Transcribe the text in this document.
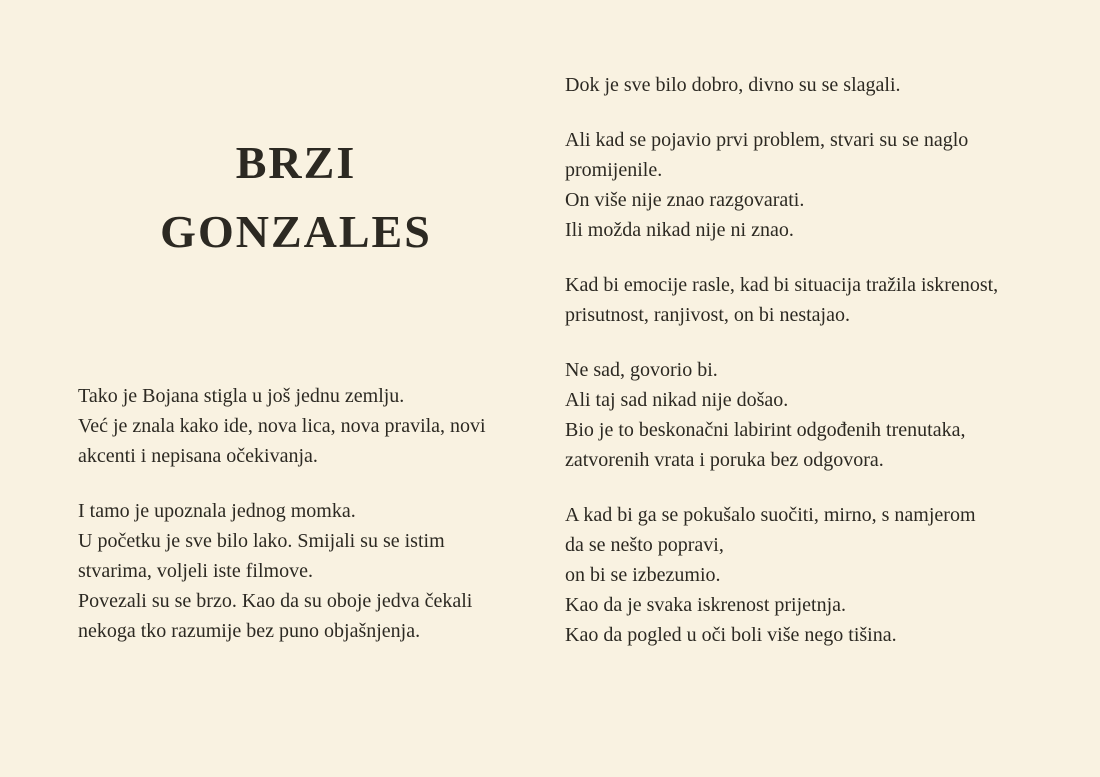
BRZI
GONZALES
Tako je Bojana stigla u još jednu zemlju.
Već je znala kako ide, nova lica, nova pravila, novi
akcenti i nepisana očekivanja.
I tamo je upoznala jednog momka.
U početku je sve bilo lako. Smijali su se istim
stvarima, voljeli iste filmove.
Povezali su se brzo. Kao da su oboje jedva čekali
nekoga tko razumije bez puno objašnjenja.
Dok je sve bilo dobro, divno su se slagali.
Ali kad se pojavio prvi problem, stvari su se naglo
promijenile.
On više nije znao razgovarati.
Ili možda nikad nije ni znao.
Kad bi emocije rasle, kad bi situacija tražila iskrenost,
prisutnost, ranjivost, on bi nestajao.
Ne sad, govorio bi.
Ali taj sad nikad nije došao.
Bio je to beskonačni labirint odgođenih trenutaka,
zatvorenih vrata i poruka bez odgovora.
A kad bi ga se pokušalo suočiti, mirno, s namjerom
da se nešto popravi,
on bi se izbezumio.
Kao da je svaka iskrenost prijetnja.
Kao da pogled u oči boli više nego tišina.
